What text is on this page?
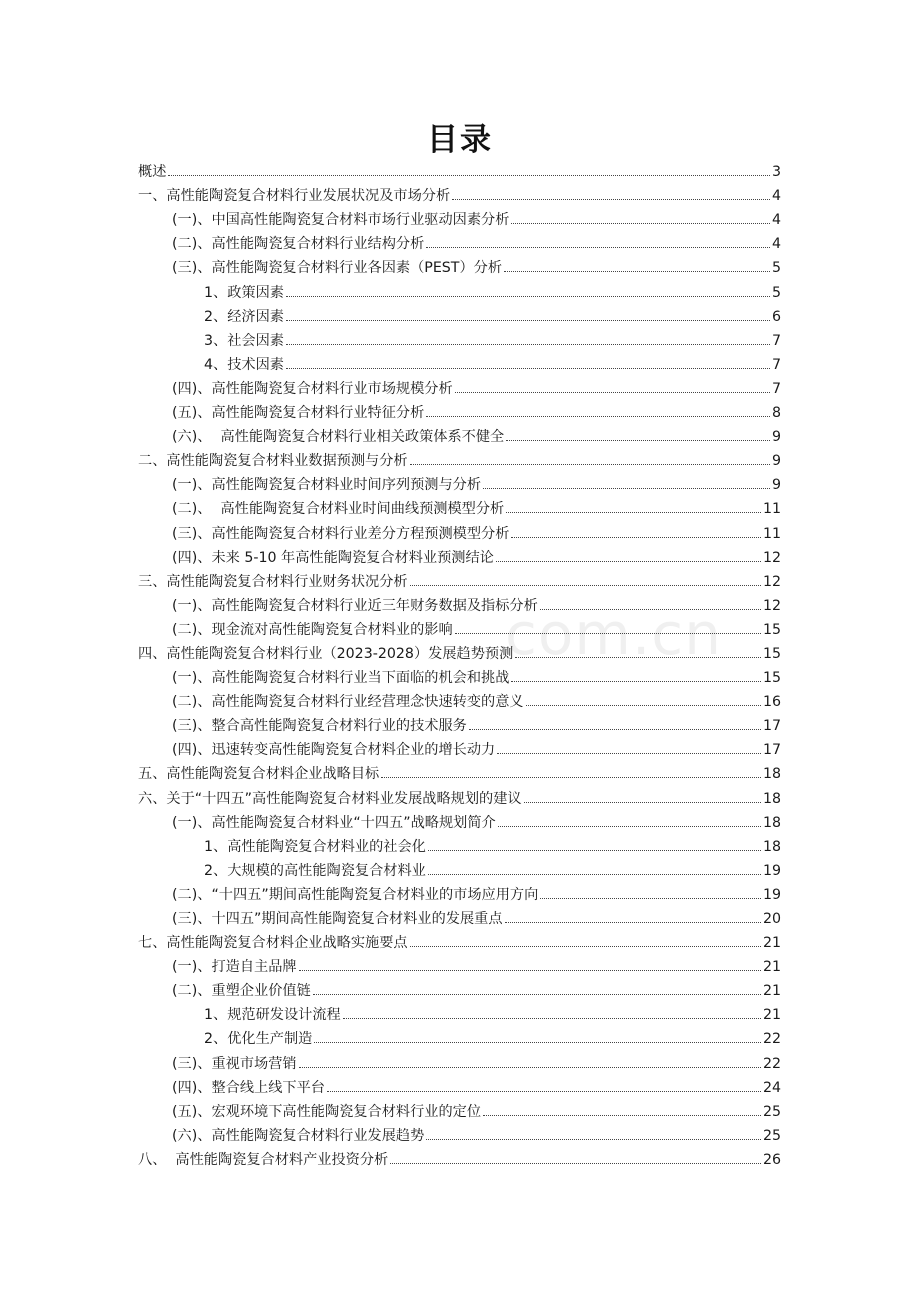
目录
com.cn
概述	3
一、高性能陶瓷复合材料行业发展状况及市场分析	4
(一)、中国高性能陶瓷复合材料市场行业驱动因素分析	4
(二)、高性能陶瓷复合材料行业结构分析	4
(三)、高性能陶瓷复合材料行业各因素（PEST）分析	5
1、政策因素	5
2、经济因素	6
3、社会因素	7
4、技术因素	7
(四)、高性能陶瓷复合材料行业市场规模分析	7
(五)、高性能陶瓷复合材料行业特征分析	8
(六)、  高性能陶瓷复合材料行业相关政策体系不健全	9
二、高性能陶瓷复合材料业数据预测与分析	9
(一)、高性能陶瓷复合材料业时间序列预测与分析	9
(二)、  高性能陶瓷复合材料业时间曲线预测模型分析	11
(三)、高性能陶瓷复合材料行业差分方程预测模型分析	11
(四)、未来 5-10 年高性能陶瓷复合材料业预测结论	12
三、高性能陶瓷复合材料行业财务状况分析	12
(一)、高性能陶瓷复合材料行业近三年财务数据及指标分析	12
(二)、现金流对高性能陶瓷复合材料业的影响	15
四、高性能陶瓷复合材料行业（2023-2028）发展趋势预测	15
(一)、高性能陶瓷复合材料行业当下面临的机会和挑战	15
(二)、高性能陶瓷复合材料行业经营理念快速转变的意义	16
(三)、整合高性能陶瓷复合材料行业的技术服务	17
(四)、迅速转变高性能陶瓷复合材料企业的增长动力	17
五、高性能陶瓷复合材料企业战略目标	18
六、关于“十四五”高性能陶瓷复合材料业发展战略规划的建议	18
(一)、高性能陶瓷复合材料业“十四五”战略规划简介	18
1、高性能陶瓷复合材料业的社会化	18
2、大规模的高性能陶瓷复合材料业	19
(二)、“十四五”期间高性能陶瓷复合材料业的市场应用方向	19
(三)、十四五”期间高性能陶瓷复合材料业的发展重点	20
七、高性能陶瓷复合材料企业战略实施要点	21
(一)、打造自主品牌	21
(二)、重塑企业价值链	21
1、规范研发设计流程	21
2、优化生产制造	22
(三)、重视市场营销	22
(四)、整合线上线下平台	24
(五)、宏观环境下高性能陶瓷复合材料行业的定位	25
(六)、高性能陶瓷复合材料行业发展趋势	25
八、  高性能陶瓷复合材料产业投资分析	26
